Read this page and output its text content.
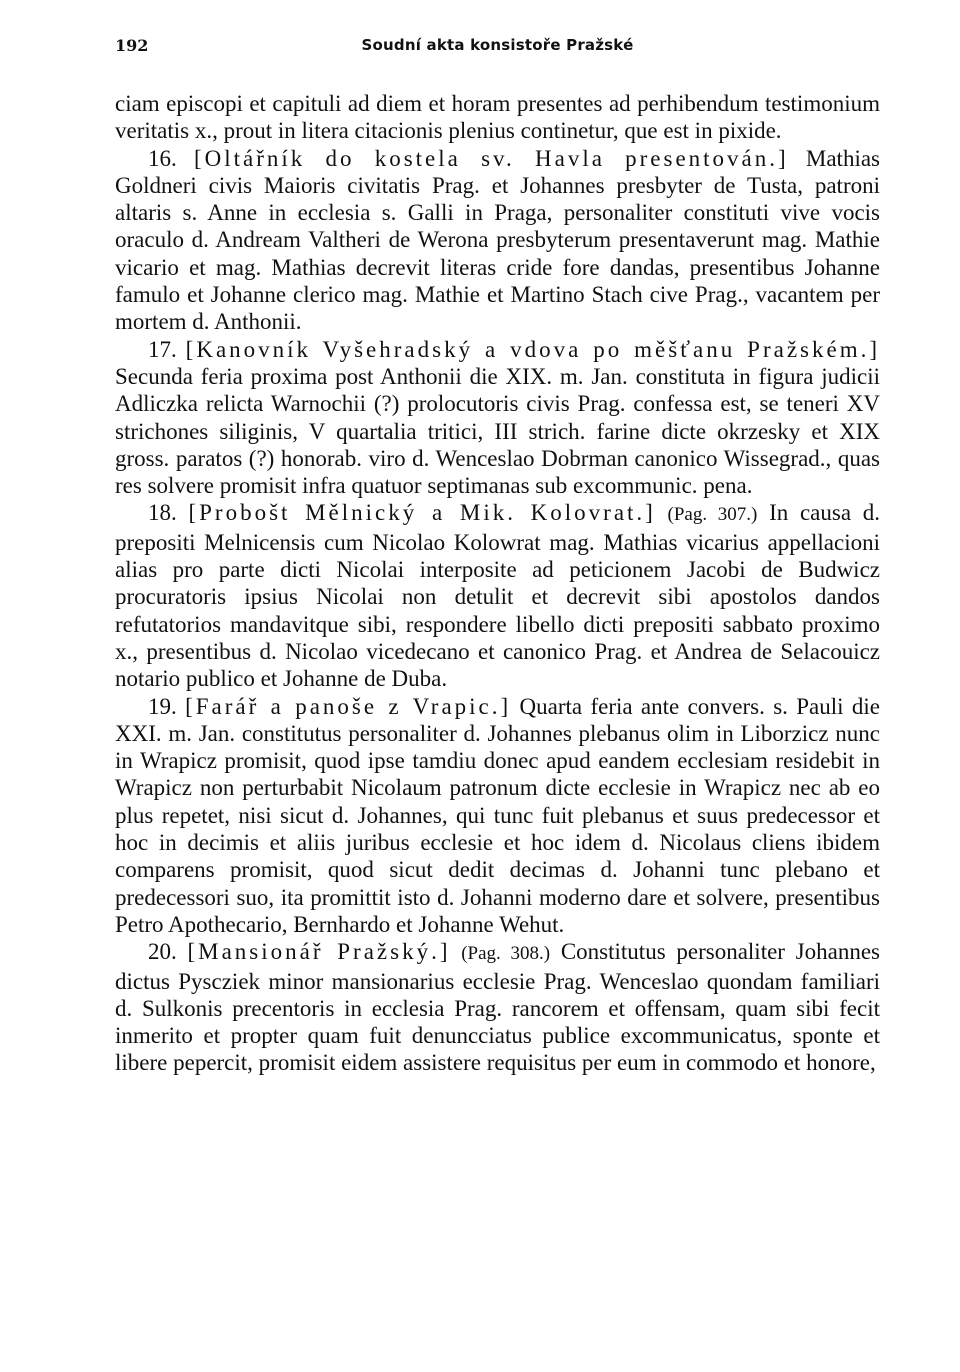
192	Soudní akta konsistoře Pražské

ciam episcopi et capituli ad diem et horam presentes ad perhibendum testimonium veritatis x., prout in litera citacionis plenius continetur, que est in pixide.

16. [Oltářník do kostela sv. Havla presentován.] Mathias Goldneri civis Maioris civitatis Prag. et Johannes presbyter de Tusta, patroni altaris s. Anne in ecclesia s. Galli in Praga, personaliter constituti vive vocis oraculo d. Andream Valtheri de Werona presbyterum presentaverunt mag. Mathie vicario et mag. Mathias decrevit literas cride fore dandas, presentibus Johanne famulo et Johanne clerico mag. Mathie et Martino Stach cive Prag., vacantem per mortem d. Anthonii.

17. [Kanovník Vyšehradský a vdova po měšťanu Pražském.] Secunda feria proxima post Anthonii die XIX. m. Jan. constituta in figura judicii Adliczka relicta Warnochii (?) prolocutoris civis Prag. confessa est, se teneri XV strichones siliginis, V quartalia tritici, III strich. farine dicte okrzesky et XIX gross. paratos (?) honorab. viro d. Wenceslao Dobrman canonico Wissegrad., quas res solvere promisit infra quatuor septimanas sub excommunic. pena.

18. [Probošt Mělnický a Mik. Kolovrat.] (Pag. 307.) In causa d. prepositi Melnicensis cum Nicolao Kolowrat mag. Mathias vicarius appellacioni alias pro parte dicti Nicolai interposite ad peticionem Jacobi de Budwicz procuratoris ipsius Nicolai non detulit et decrevit sibi apostolos dandos refutatorios mandavitque sibi, respondere libello dicti prepositi sabbato proximo x., presentibus d. Nicolao vicedecano et canonico Prag. et Andrea de Selacouicz notario publico et Johanne de Duba.

19. [Farář a panoše z Vrapic.] Quarta feria ante convers. s. Pauli die XXI. m. Jan. constitutus personaliter d. Johannes plebanus olim in Liborzicz nunc in Wrapicz promisit, quod ipse tamdiu donec apud eandem ecclesiam residebit in Wrapicz non perturbabit Nicolaum patronum dicte ecclesie in Wrapicz nec ab eo plus repetet, nisi sicut d. Johannes, qui tunc fuit plebanus et suus predecessor et hoc in decimis et aliis juribus ecclesie et hoc idem d. Nicolaus cliens ibidem comparens promisit, quod sicut dedit decimas d. Johanni tunc plebano et predecessori suo, ita promittit isto d. Johanni moderno dare et solvere, presentibus Petro Apothecario, Bernhardo et Johanne Wehut.

20. [Mansionář Pražský.] (Pag. 308.) Constitutus personaliter Johannes dictus Pyscziek minor mansionarius ecclesie Prag. Wenceslao quondam familiari d. Sulkonis precentoris in ecclesia Prag. rancorem et offensam, quam sibi fecit inmerito et propter quam fuit denuncciatus publice excommunicatus, sponte et libere pepercit, promisit eidem assistere requisitus per eum in commodo et honore,
